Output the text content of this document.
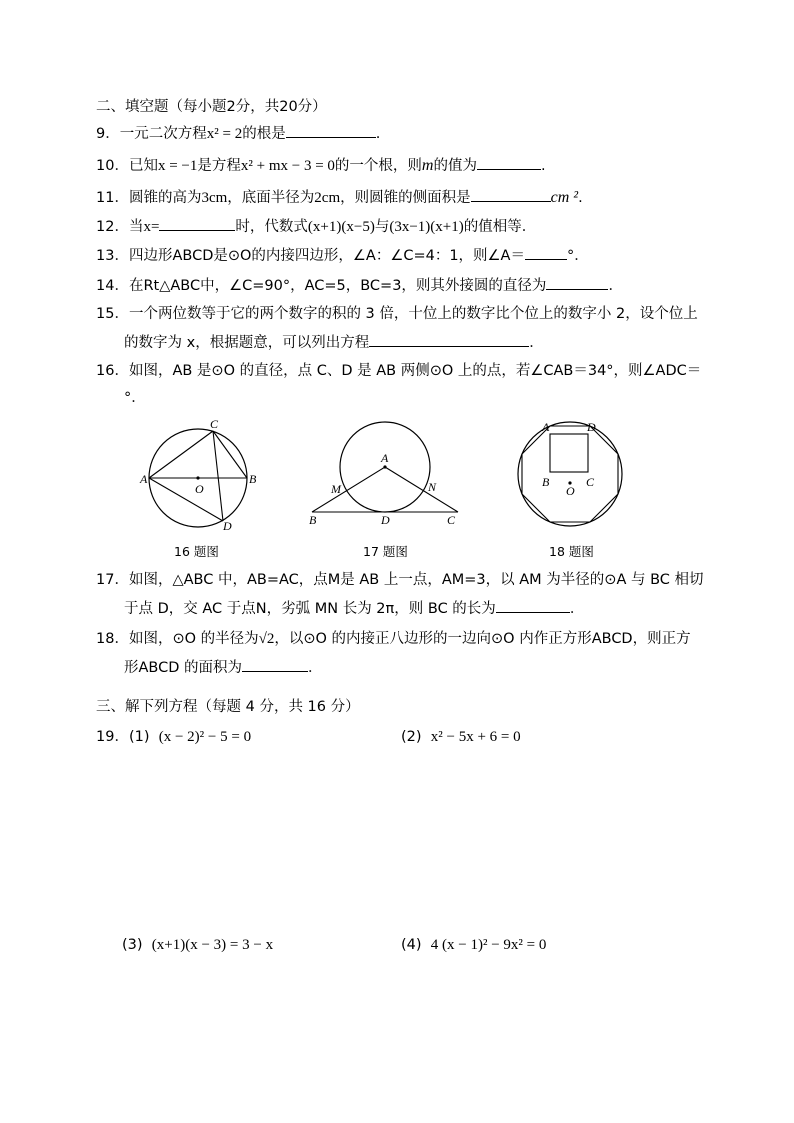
二、填空题（每小题2分，共20分）
9．一元二次方程x² = 2的根是	.
10．已知x = −1是方程x² + mx − 3 = 0的一个根，则m的值为	.
11．圆锥的高为3cm，底面半径为2cm，则圆锥的侧面积是	cm ².
12．当x=	时，代数式(x+1)(x−5)与(3x−1)(x+1)的值相等．
13．四边形ABCD是⊙O的内接四边形，∠A：∠C=4：1，则∠A＝	°．
14．在Rt△ABC中，∠C=90°，AC=5，BC=3，则其外接圆的直径为	．
15．一个两位数等于它的两个数字的积的 3 倍，十位上的数字比个位上的数字小 2，设个位上
的数字为 x，根据题意，可以列出方程	．
16．如图，AB 是⊙O 的直径，点 C、D 是 AB 两侧⊙O 上的点，若∠CAB＝34°，则∠ADC＝
°．
A	B
C
D
O
A
B	C
D
M	N
A	D
B	C
O
16 题图	17 题图	18 题图
17．如图，△ABC 中，AB=AC，点M是 AB 上一点，AM=3，以 AM 为半径的⊙A 与 BC 相切
于点 D，交 AC 于点N，劣弧 MN 长为 2π，则 BC 的长为	．
18．如图，⊙O 的半径为√2，以⊙O 的内接正八边形的一边向⊙O 内作正方形ABCD，则正方
形ABCD 的面积为	．
三、解下列方程（每题 4 分，共 16 分）
19．(1) (x − 2)² − 5 = 0	(2) x² − 5x + 6 = 0
(3) (x+1)(x − 3) = 3 − x	(4) 4 (x − 1)² − 9x² = 0
